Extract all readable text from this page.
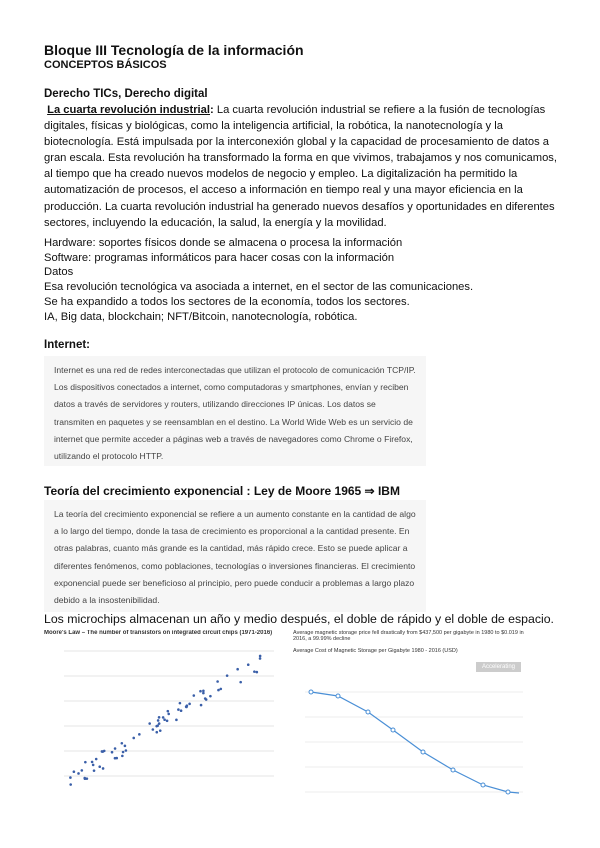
Bloque III Tecnología de la información
CONCEPTOS BÁSICOS
Derecho TICs, Derecho digital
La cuarta revolución industrial: La cuarta revolución industrial se refiere a la fusión de tecnologías digitales, físicas y biológicas, como la inteligencia artificial, la robótica, la nanotecnología y la biotecnología. Está impulsada por la interconexión global y la capacidad de procesamiento de datos a gran escala. Esta revolución ha transformado la forma en que vivimos, trabajamos y nos comunicamos, al tiempo que ha creado nuevos modelos de negocio y empleo. La digitalización ha permitido la automatización de procesos, el acceso a información en tiempo real y una mayor eficiencia en la producción. La cuarta revolución industrial ha generado nuevos desafíos y oportunidades en diferentes sectores, incluyendo la educación, la salud, la energía y la movilidad.
Hardware: soportes físicos donde se almacena o procesa la información
Software: programas informáticos para hacer cosas con la información
Datos
Esa revolución tecnológica va asociada a internet, en el sector de las comunicaciones.
Se ha expandido a todos los sectores de la economía, todos los sectores.
IA, Big data, blockchain; NFT/Bitcoin, nanotecnología, robótica.
Internet:
Internet es una red de redes interconectadas que utilizan el protocolo de comunicación TCP/IP. Los dispositivos conectados a internet, como computadoras y smartphones, envían y reciben datos a través de servidores y routers, utilizando direcciones IP únicas. Los datos se transmiten en paquetes y se reensamblan en el destino. La World Wide Web es un servicio de internet que permite acceder a páginas web a través de navegadores como Chrome o Firefox, utilizando el protocolo HTTP.
Teoría del crecimiento exponencial : Ley de Moore 1965 ⇒ IBM
La teoría del crecimiento exponencial se refiere a un aumento constante en la cantidad de algo a lo largo del tiempo, donde la tasa de crecimiento es proporcional a la cantidad presente. En otras palabras, cuanto más grande es la cantidad, más rápido crece. Esto se puede aplicar a diferentes fenómenos, como poblaciones, tecnologías o inversiones financieras. El crecimiento exponencial puede ser beneficioso al principio, pero puede conducir a problemas a largo plazo debido a la insostenibilidad.
Los microchips almacenan un año y medio después, el doble de rápido y el doble de espacio.
Moore's Law – The number of transistors on integrated circuit chips (1971-2016)	Average magnetic storage price fell drastically from $437,500 per gigabyte in 1980 to $0.019 in 2016, a 99.99% decline
Average Cost of Magnetic Storage per Gigabyte 1980 - 2016 (USD)
Accelerating
